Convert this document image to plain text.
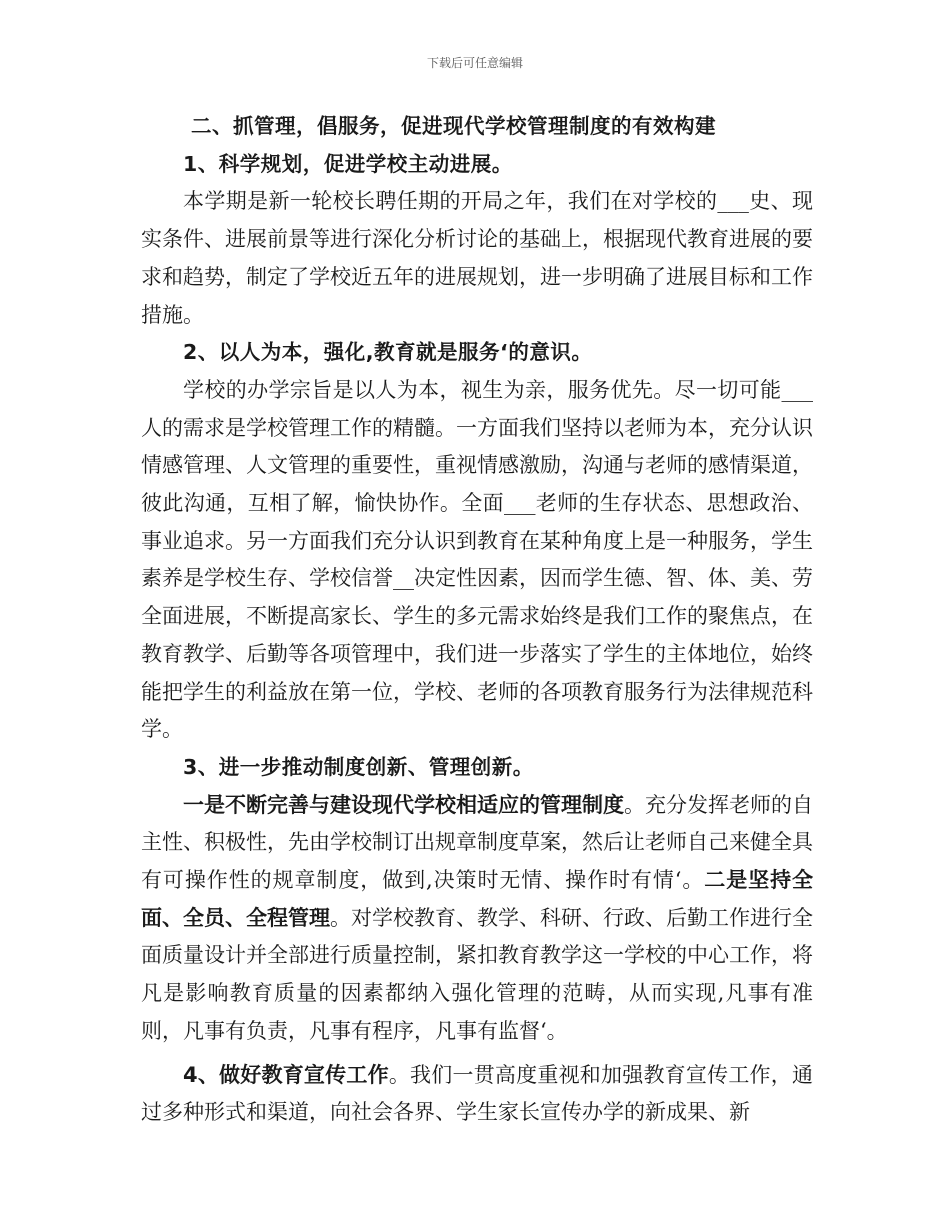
下载后可任意编辑

二、抓管理，倡服务，促进现代学校管理制度的有效构建

1、科学规划，促进学校主动进展。

本学期是新一轮校长聘任期的开局之年，我们在对学校的___史、现实条件、进展前景等进行深化分析讨论的基础上，根据现代教育进展的要求和趋势，制定了学校近五年的进展规划，进一步明确了进展目标和工作措施。

2、以人为本，强化,教育就是服务‘的意识。

学校的办学宗旨是以人为本，视生为亲，服务优先。尽一切可能___人的需求是学校管理工作的精髓。一方面我们坚持以老师为本，充分认识情感管理、人文管理的重要性，重视情感激励，沟通与老师的感情渠道，彼此沟通，互相了解，愉快协作。全面___老师的生存状态、思想政治、事业追求。另一方面我们充分认识到教育在某种角度上是一种服务，学生素养是学校生存、学校信誉__决定性因素，因而学生德、智、体、美、劳全面进展，不断提高家长、学生的多元需求始终是我们工作的聚焦点，在教育教学、后勤等各项管理中，我们进一步落实了学生的主体地位，始终能把学生的利益放在第一位，学校、老师的各项教育服务行为法律规范科学。

3、进一步推动制度创新、管理创新。

一是不断完善与建设现代学校相适应的管理制度。充分发挥老师的自主性、积极性，先由学校制订出规章制度草案，然后让老师自己来健全具有可操作性的规章制度，做到,决策时无情、操作时有情‘。二是坚持全面、全员、全程管理。对学校教育、教学、科研、行政、后勤工作进行全面质量设计并全部进行质量控制，紧扣教育教学这一学校的中心工作，将凡是影响教育质量的因素都纳入强化管理的范畴，从而实现,凡事有准则，凡事有负责，凡事有程序，凡事有监督‘。

4、做好教育宣传工作。我们一贯高度重视和加强教育宣传工作，通过多种形式和渠道，向社会各界、学生家长宣传办学的新成果、新
